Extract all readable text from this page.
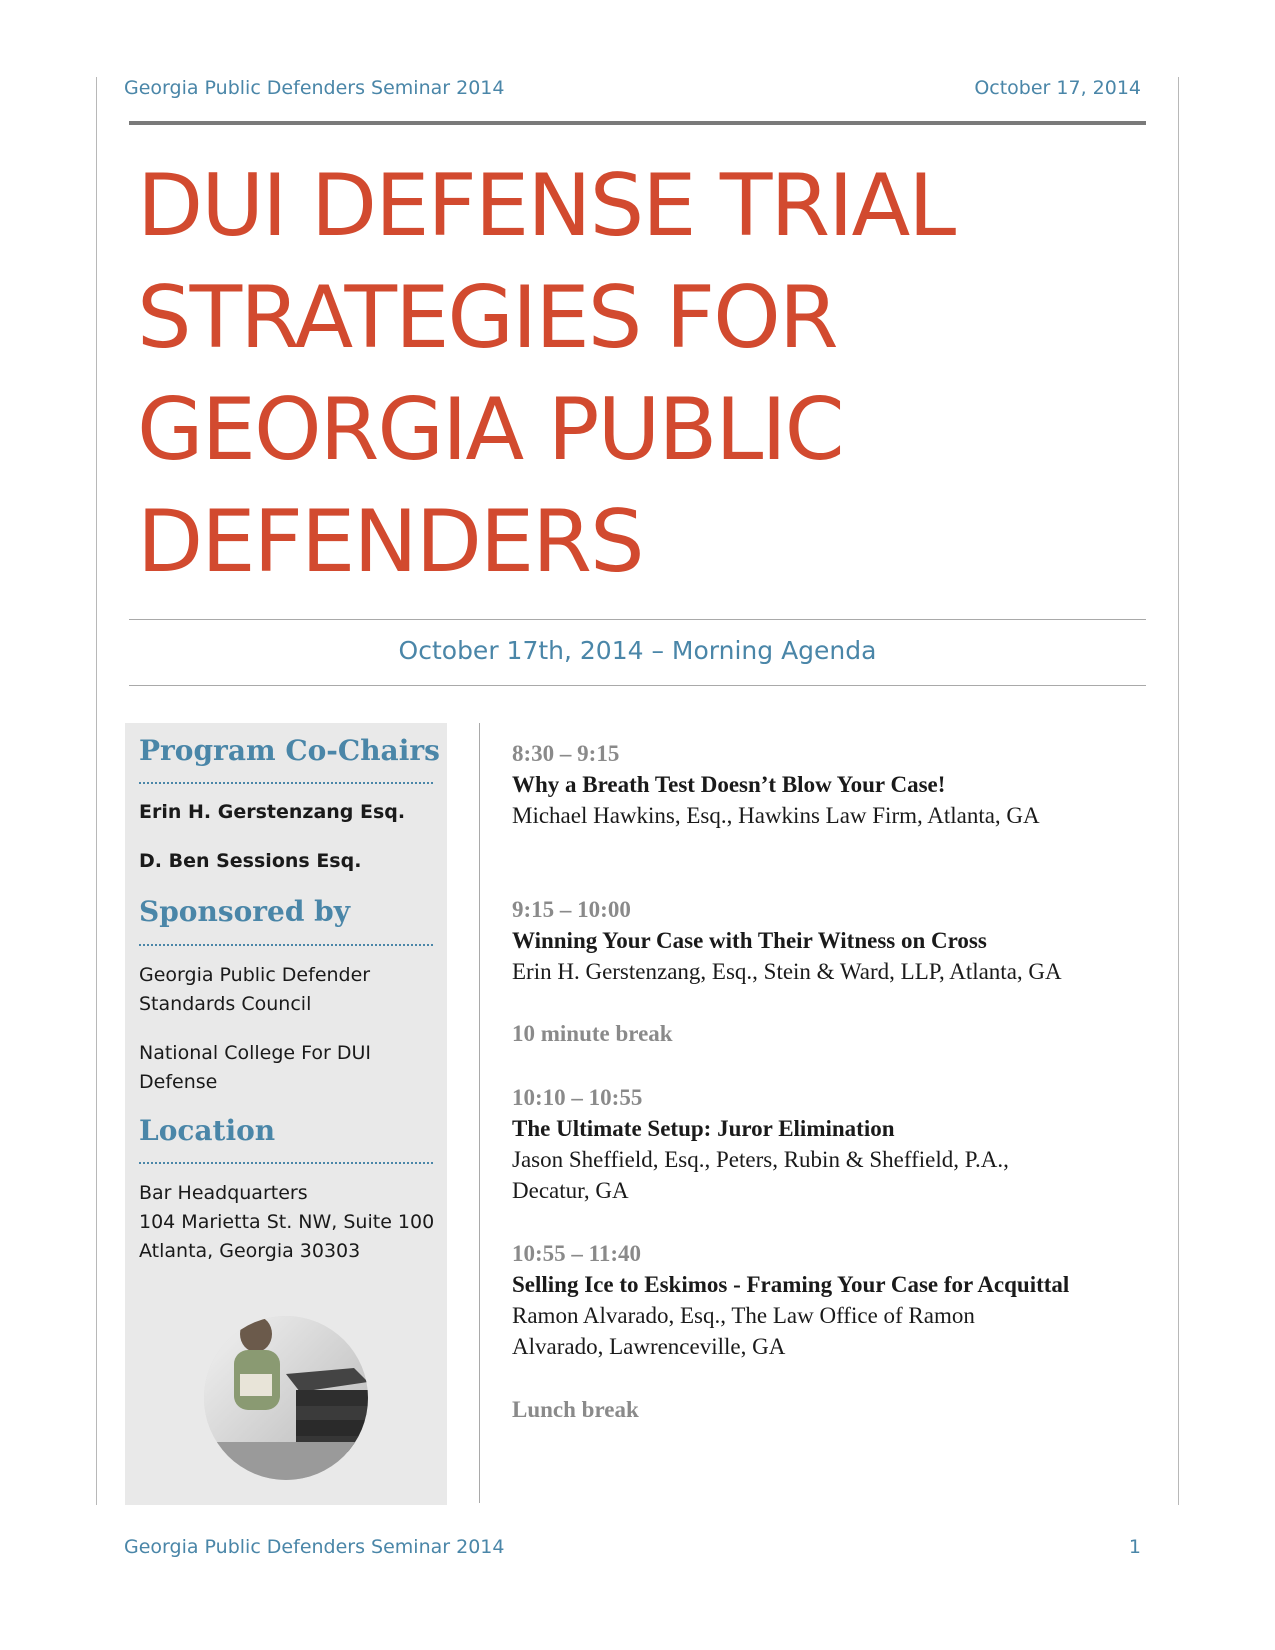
Georgia Public Defenders Seminar 2014	October 17, 2014
DUI DEFENSE TRIAL
STRATEGIES FOR
GEORGIA PUBLIC
DEFENDERS
October 17th, 2014 – Morning Agenda
Program Co-Chairs
Erin H. Gerstenzang Esq.
D. Ben Sessions Esq.
Sponsored by

Georgia Public Defender
Standards Council

National College For DUI
Defense

Location

Bar Headquarters
104 Marietta St. NW, Suite 100
Atlanta, Georgia 30303

8:30 – 9:15
Why a Breath Test Doesn’t Blow Your Case!

Michael Hawkins, Esq., Hawkins Law Firm, Atlanta, GA

9:15 – 10:00
Winning Your Case with Their Witness on Cross

Erin H. Gerstenzang, Esq., Stein & Ward, LLP, Atlanta, GA

10 minute break
10:10 – 10:55
The Ultimate Setup: Juror Elimination

Jason Sheffield, Esq., Peters, Rubin & Sheffield, P.A.,
Decatur, GA

10:55 – 11:40
Selling Ice to Eskimos - Framing Your Case for Acquittal

Ramon Alvarado, Esq., The Law Office of Ramon
Alvarado, Lawrenceville, GA

Lunch break
Georgia Public Defenders Seminar 2014	1
